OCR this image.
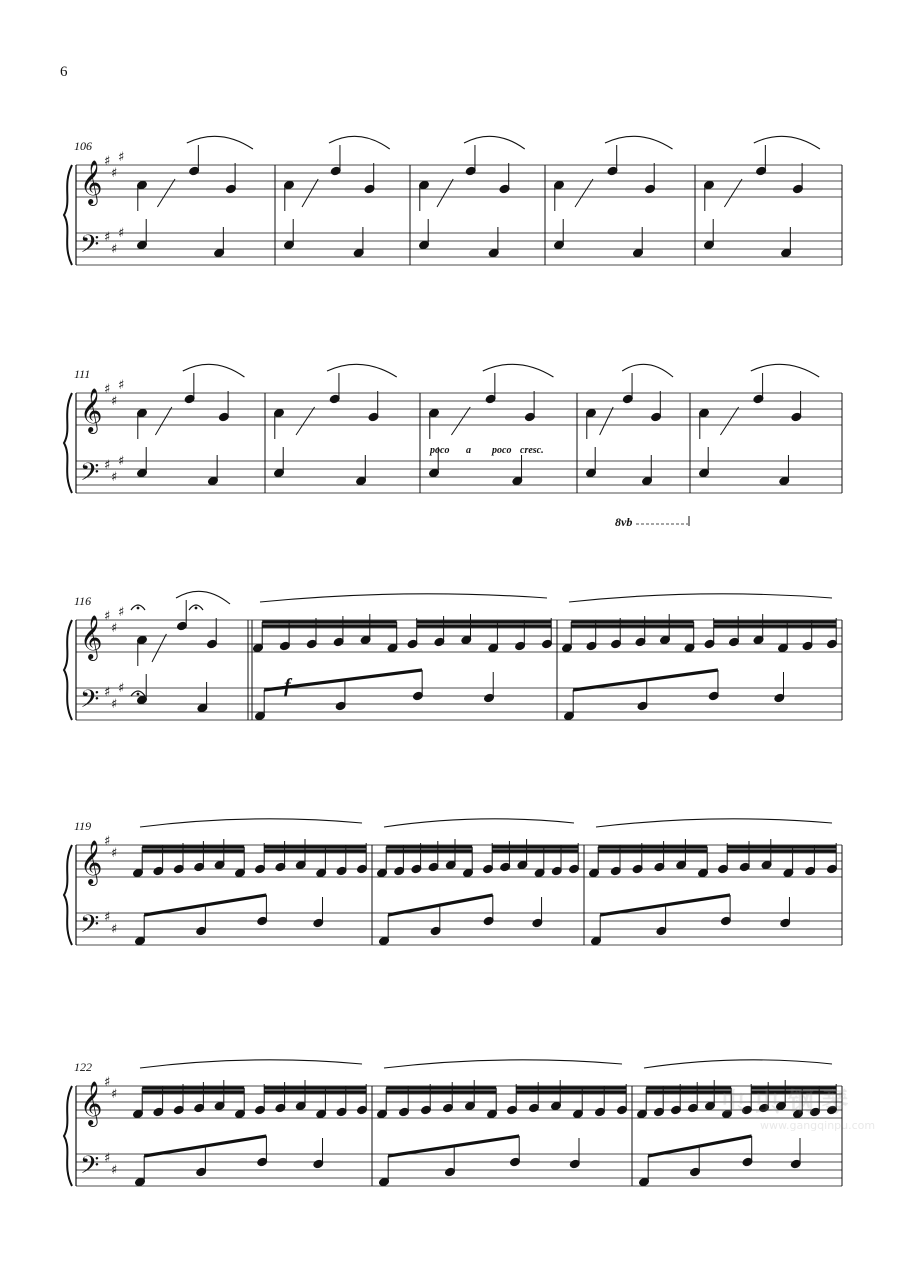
6
𝄞
𝄢
♯
♯
♯
♯
♯
♯
106
𝄞
𝄢
♯
♯
♯
♯
♯
♯
111
𝄞
𝄢
♯
♯
♯
♯
♯
♯
116
𝄞
𝄢
♯
♯
♯
♯
119
𝄞
𝄢
♯
♯
♯
♯
122
f
poco a poco cresc.
8vb
虫虫钢琴
www.gangqinpu.com
